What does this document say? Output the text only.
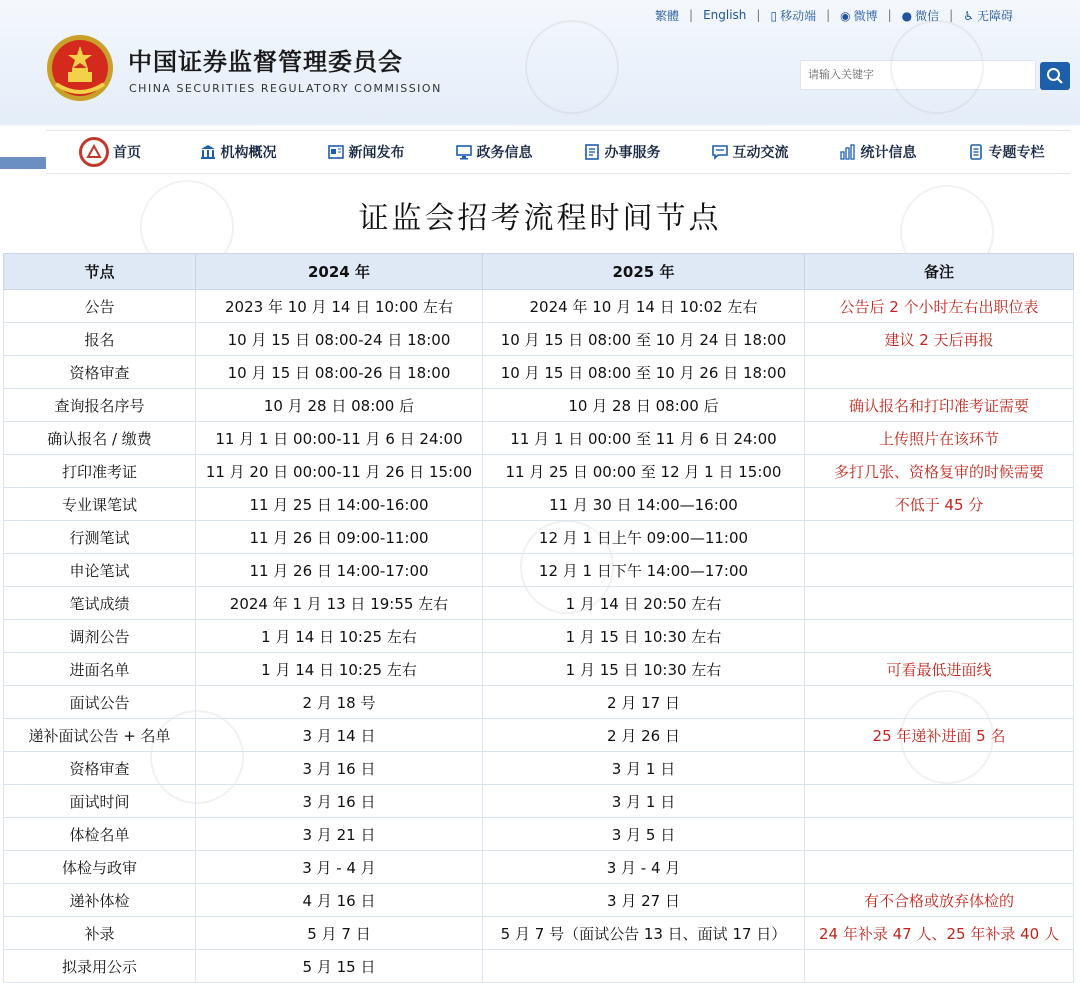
中国证券监督管理委员会
CHINA SECURITIES REGULATORY COMMISSION
繁體 | English | ▯ 移动端 | ◉ 微博 | ● 微信 | ♿ 无障碍
请输入关键字
首页	机构概况	新闻发布	政务信息	办事服务	互动交流	统计信息	专题专栏
证监会招考流程时间节点
节点	2024 年	2025 年	备注
公告	2023 年 10 月 14 日 10:00 左右	2024 年 10 月 14 日 10:02 左右	公告后 2 个小时左右出职位表
报名	10 月 15 日 08:00-24 日 18:00	10 月 15 日 08:00 至 10 月 24 日 18:00	建议 2 天后再报
资格审查	10 月 15 日 08:00-26 日 18:00	10 月 15 日 08:00 至 10 月 26 日 18:00	
查询报名序号	10 月 28 日 08:00 后	10 月 28 日 08:00 后	确认报名和打印准考证需要
确认报名 / 缴费	11 月 1 日 00:00-11 月 6 日 24:00	11 月 1 日 00:00 至 11 月 6 日 24:00	上传照片在该环节
打印准考证	11 月 20 日 00:00-11 月 26 日 15:00	11 月 25 日 00:00 至 12 月 1 日 15:00	多打几张、资格复审的时候需要
专业课笔试	11 月 25 日 14:00-16:00	11 月 30 日 14:00—16:00	不低于 45 分
行测笔试	11 月 26 日 09:00-11:00	12 月 1 日上午 09:00—11:00	
申论笔试	11 月 26 日 14:00-17:00	12 月 1 日下午 14:00—17:00	
笔试成绩	2024 年 1 月 13 日 19:55 左右	1 月 14 日 20:50 左右	
调剂公告	1 月 14 日 10:25 左右	1 月 15 日 10:30 左右	
进面名单	1 月 14 日 10:25 左右	1 月 15 日 10:30 左右	可看最低进面线
面试公告	2 月 18 号	2 月 17 日	
递补面试公告 + 名单	3 月 14 日	2 月 26 日	25 年递补进面 5 名
资格审查	3 月 16 日	3 月 1 日	
面试时间	3 月 16 日	3 月 1 日	
体检名单	3 月 21 日	3 月 5 日	
体检与政审	3 月 - 4 月	3 月 - 4 月	
递补体检	4 月 16 日	3 月 27 日	有不合格或放弃体检的
补录	5 月 7 日	5 月 7 号（面试公告 13 日、面试 17 日）	24 年补录 47 人、25 年补录 40 人
拟录用公示	5 月 15 日		
